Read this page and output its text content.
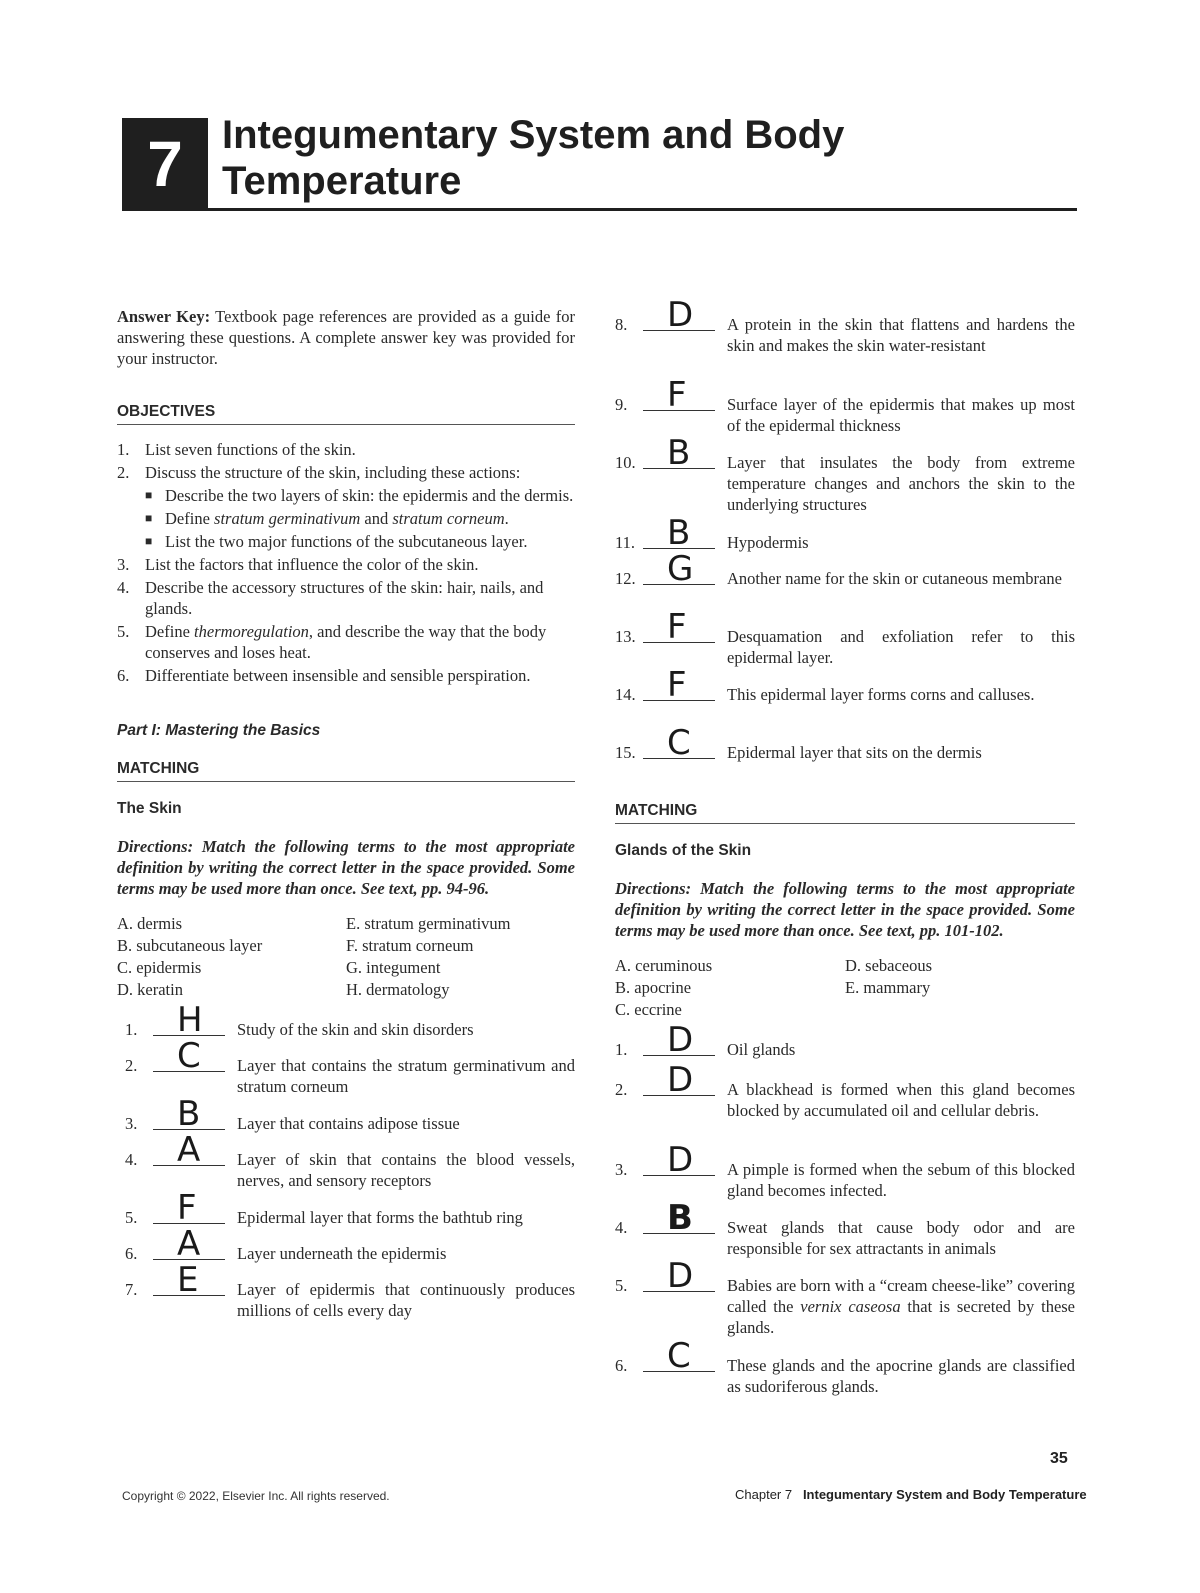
7 Integumentary System and Body
Temperature

Answer Key: Textbook page references are provided as a guide for answering these questions. A complete answer key was provided for your instructor.

OBJECTIVES
1. List seven functions of the skin.
2. Discuss the structure of the skin, including these actions:
■ Describe the two layers of skin: the epidermis and the dermis.
■ Define stratum germinativum and stratum corneum.
■ List the two major functions of the subcutaneous layer.
3. List the factors that influence the color of the skin.
4. Describe the accessory structures of the skin: hair, nails, and glands.
5. Define thermoregulation, and describe the way that the body conserves and loses heat.
6. Differentiate between insensible and sensible perspiration.
Part I: Mastering the Basics
MATCHING
The Skin

Directions: Match the following terms to the most appropriate definition by writing the correct letter in the space provided. Some terms may be used more than once. See text, pp. 94-96.

A. dermis	E. stratum germinativum
B. subcutaneous layer	F. stratum corneum
C. epidermis	G. integument
D. keratin	H. dermatology
1.	H Study of the skin and skin disorders
2.	C Layer that contains the stratum germinativum and stratum corneum
3.	B Layer that contains adipose tissue
4.	A Layer of skin that contains the blood vessels, nerves, and sensory receptors
5.	F Epidermal layer that forms the bathtub ring
6.	A Layer underneath the epidermis
7.	E Layer of epidermis that continuously produces millions of cells every day
8.	D A protein in the skin that flattens and hardens the skin and makes the skin water-resistant
9.	F Surface layer of the epidermis that makes up most of the epidermal thickness
10. B Layer that insulates the body from extreme temperature changes and anchors the skin to the underlying structures
11. B Hypodermis
12. G Another name for the skin or cutaneous membrane
13. F Desquamation and exfoliation refer to this epidermal layer.
14. F This epidermal layer forms corns and calluses.
15. C Epidermal layer that sits on the dermis
MATCHING
Glands of the Skin

Directions: Match the following terms to the most appropriate definition by writing the correct letter in the space provided. Some terms may be used more than once. See text, pp. 101-102.

A. ceruminous	D. sebaceous
B. apocrine	E. mammary
C. eccrine
1.	D Oil glands
2.	D A blackhead is formed when this gland becomes blocked by accumulated oil and cellular debris.
3.	D A pimple is formed when the sebum of this blocked gland becomes infected.
4.	B Sweat glands that cause body odor and are responsible for sex attractants in animals
5.	D Babies are born with a “cream cheese-like” covering called the vernix caseosa that is secreted by these glands.
6.	C These glands and the apocrine glands are classified as sudoriferous glands.
35
Copyright © 2022, Elsevier Inc. All rights reserved.	Chapter 7 Integumentary System and Body Temperature
